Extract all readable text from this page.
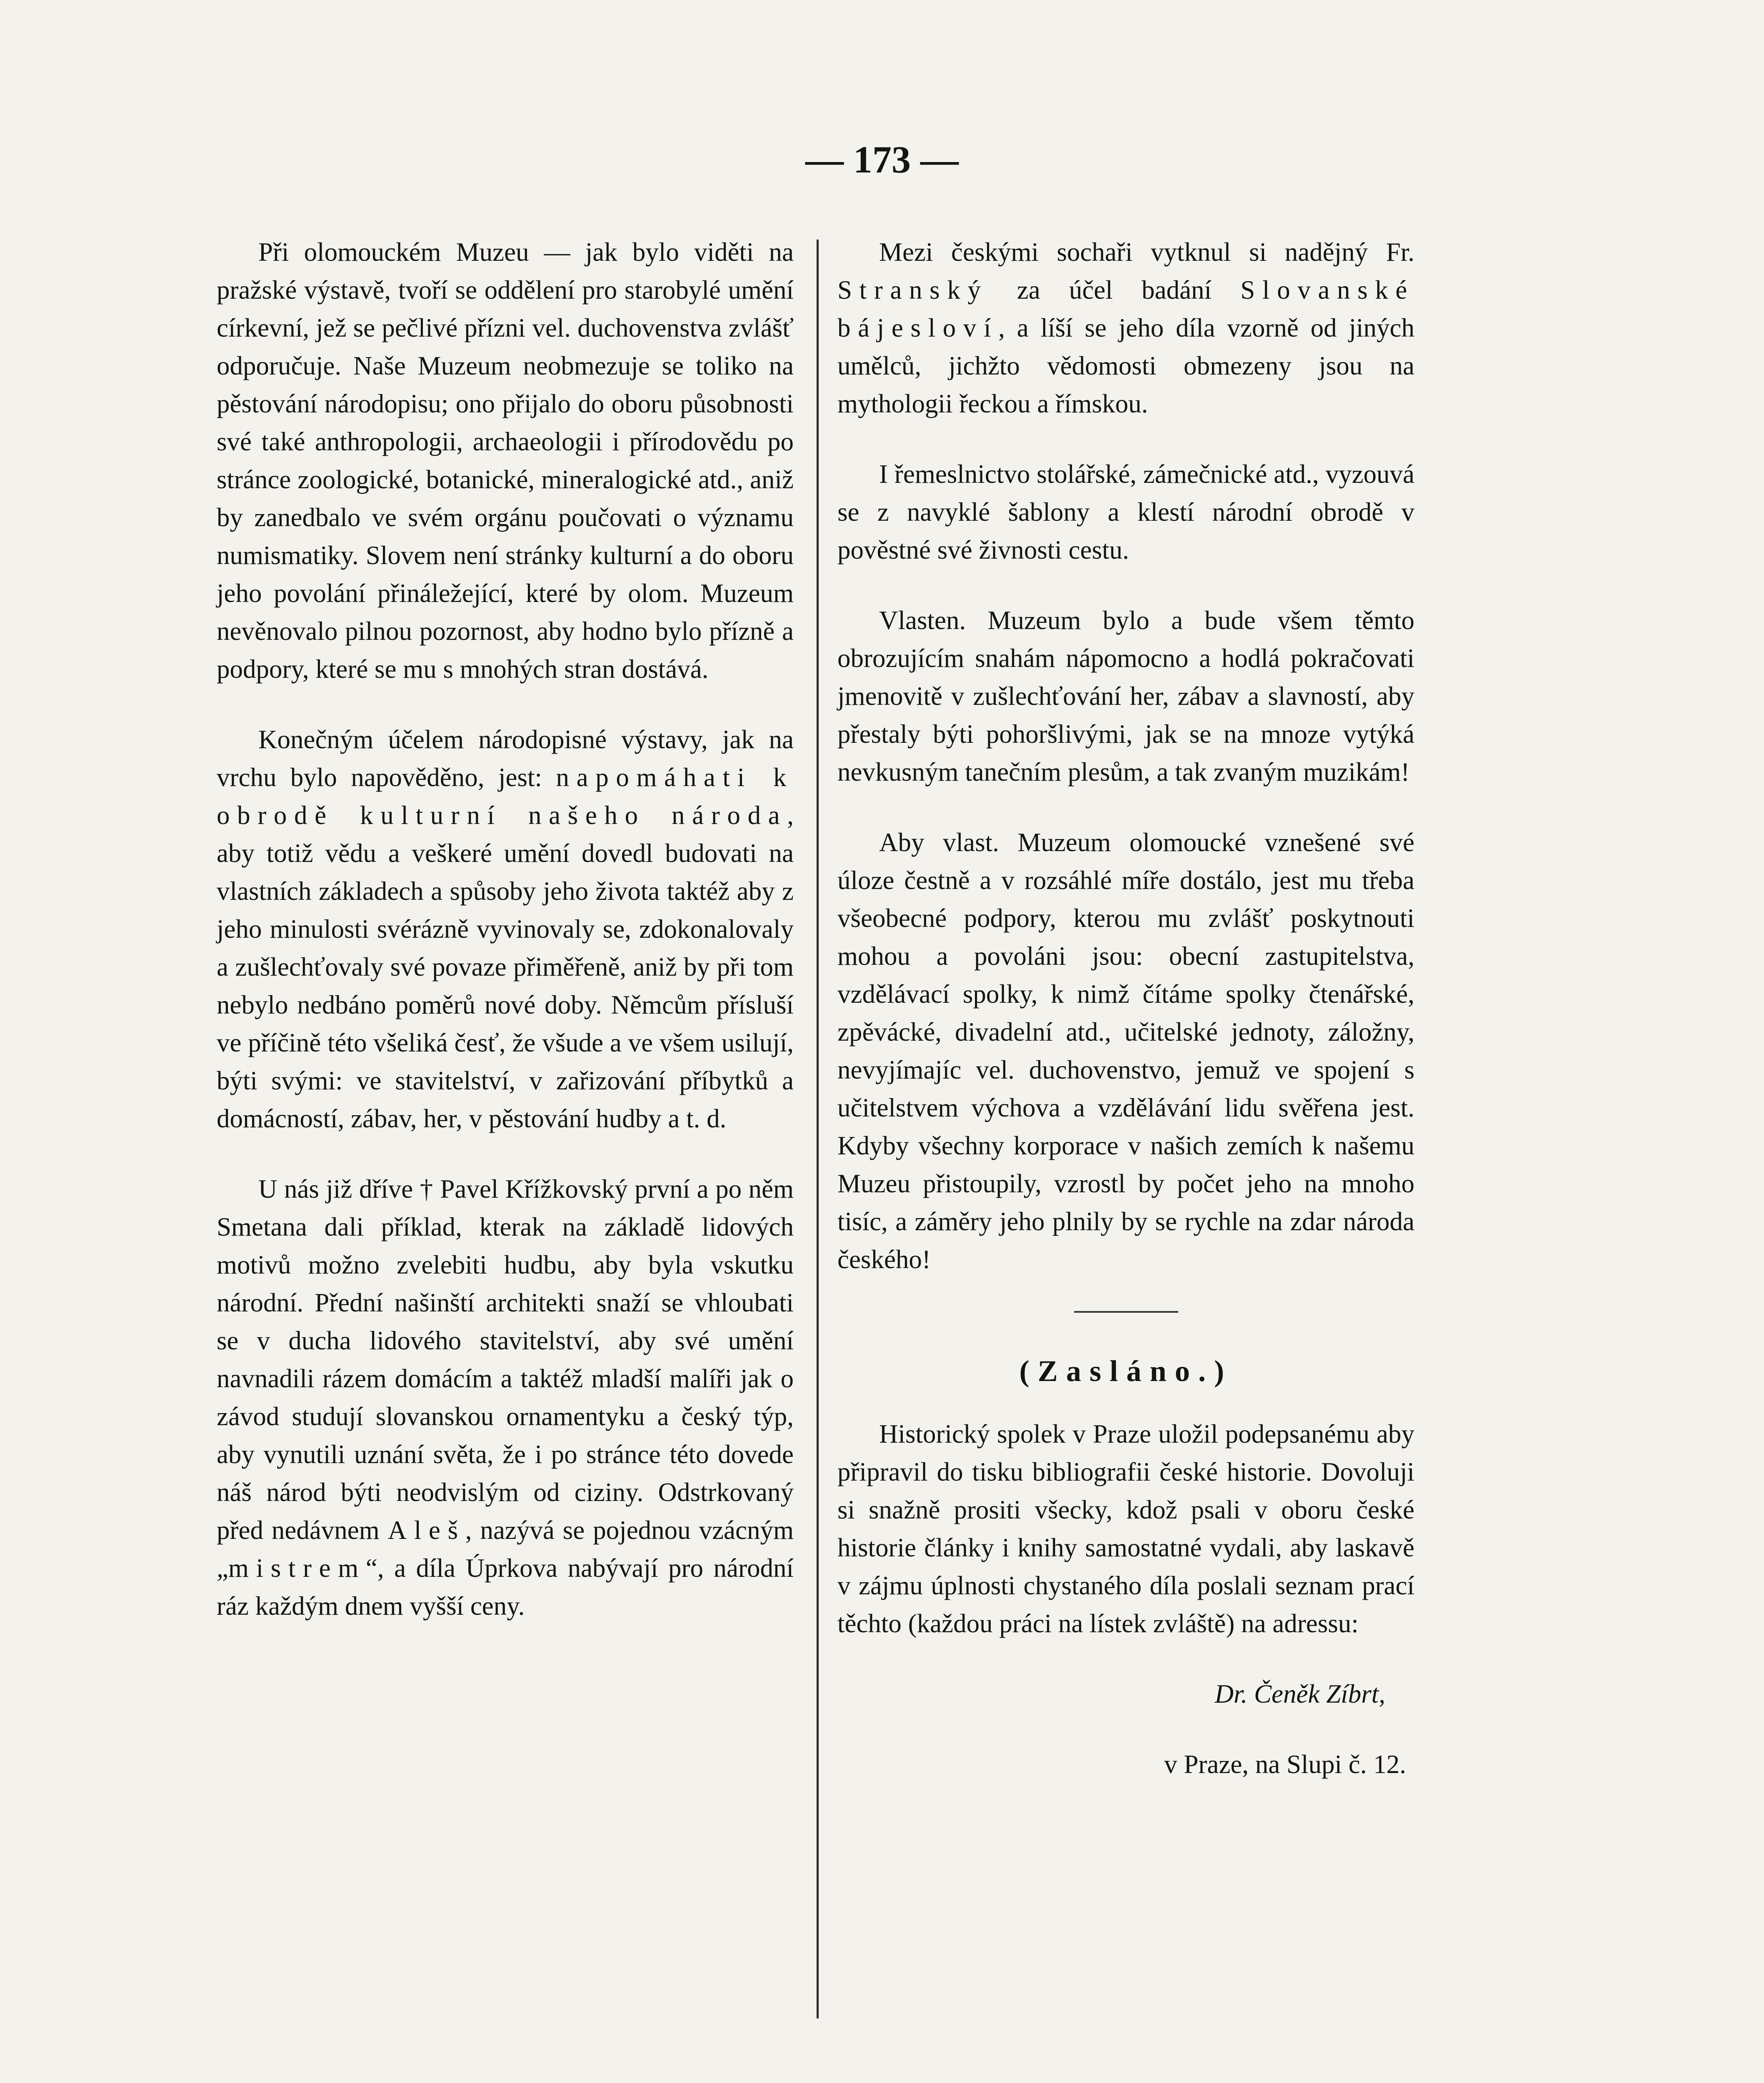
— 173 —

Při olomouckém Muzeu — jak bylo viděti na pražské výstavě, tvoří se oddělení pro starobylé umění církevní, jež se pečlivé přízni vel. duchovenstva zvlášť odporučuje. Naše Muzeum neobmezuje se toliko na pěstování národopisu; ono přijalo do oboru působnosti své také anthropologii, archaeologii i přírodovědu po stránce zoologické, botanické, mineralogické atd., aniž by zanedbalo ve svém orgánu poučovati o významu numismatiky. Slovem není stránky kulturní a do oboru jeho povolání přináležející, které by olom. Muzeum nevěnovalo pilnou pozornost, aby hodno bylo přízně a podpory, které se mu s mnohých stran dostává.

Konečným účelem národopisné výstavy, jak na vrchu bylo napověděno, jest: napomáhati k obrodě kulturní našeho národa, aby totiž vědu a veškeré umění dovedl budovati na vlastních základech a spůsoby jeho života taktéž aby z jeho minulosti svérázně vyvinovaly se, zdokonalovaly a zušlechťovaly své povaze přiměřeně, aniž by při tom nebylo nedbáno poměrů nové doby. Němcům přísluší ve příčině této všeliká česť, že všude a ve všem usilují, býti svými: ve stavitelství, v zařizování příbytků a domácností, zábav, her, v pěstování hudby a t. d.

U nás již dříve † Pavel Křížkovský první a po něm Smetana dali příklad, kterak na základě lidových motivů možno zvelebiti hudbu, aby byla vskutku národní. Přední našinští architekti snaží se vhloubati se v ducha lidového stavitelství, aby své umění navnadili rázem domácím a taktéž mladší malíři jak o závod studují slovanskou ornamentyku a český týp, aby vynutili uznání světa, že i po stránce této dovede náš národ býti neodvislým od ciziny. Odstrkovaný před nedávnem Aleš, nazývá se pojednou vzácným „mistrem“, a díla Úprkova nabývají pro národní ráz každým dnem vyšší ceny.

Mezi českými sochaři vytknul si nadějný Fr. Stranský za účel badání Slovanské bájesloví, a líší se jeho díla vzorně od jiných umělců, jichžto vědomosti obmezeny jsou na mythologii řeckou a římskou.

I řemeslnictvo stolářské, zámečnické atd., vyzouvá se z navyklé šablony a klestí národní obrodě v pověstné své živnosti cestu.

Vlasten. Muzeum bylo a bude všem těmto obrozujícím snahám nápomocno a hodlá pokračovati jmenovitě v zušlechťování her, zábav a slavností, aby přestaly býti pohoršlivými, jak se na mnoze vytýká nevkusným tanečním plesům, a tak zvaným muzikám!

Aby vlast. Muzeum olomoucké vznešené své úloze čestně a v rozsáhlé míře dostálo, jest mu třeba všeobecné podpory, kterou mu zvlášť poskytnouti mohou a povoláni jsou: obecní zastupitelstva, vzdělávací spolky, k nimž čítáme spolky čtenářské, zpěvácké, divadelní atd., učitelské jednoty, záložny, nevyjímajíc vel. duchovenstvo, jemuž ve spojení s učitelstvem výchova a vzdělávání lidu svěřena jest. Kdyby všechny korporace v našich zemích k našemu Muzeu přistoupily, vzrostl by počet jeho na mnoho tisíc, a záměry jeho plnily by se rychle na zdar národa českého!

(Zasláno.)

Historický spolek v Praze uložil podepsanému aby připravil do tisku bibliografii české historie. Dovoluji si snažně prositi všecky, kdož psali v oboru české historie články i knihy samostatné vydali, aby laskavě v zájmu úplnosti chystaného díla poslali seznam prací těchto (každou práci na lístek zvláště) na adressu:

Dr. Čeněk Zíbrt,

v Praze, na Slupi č. 12.
